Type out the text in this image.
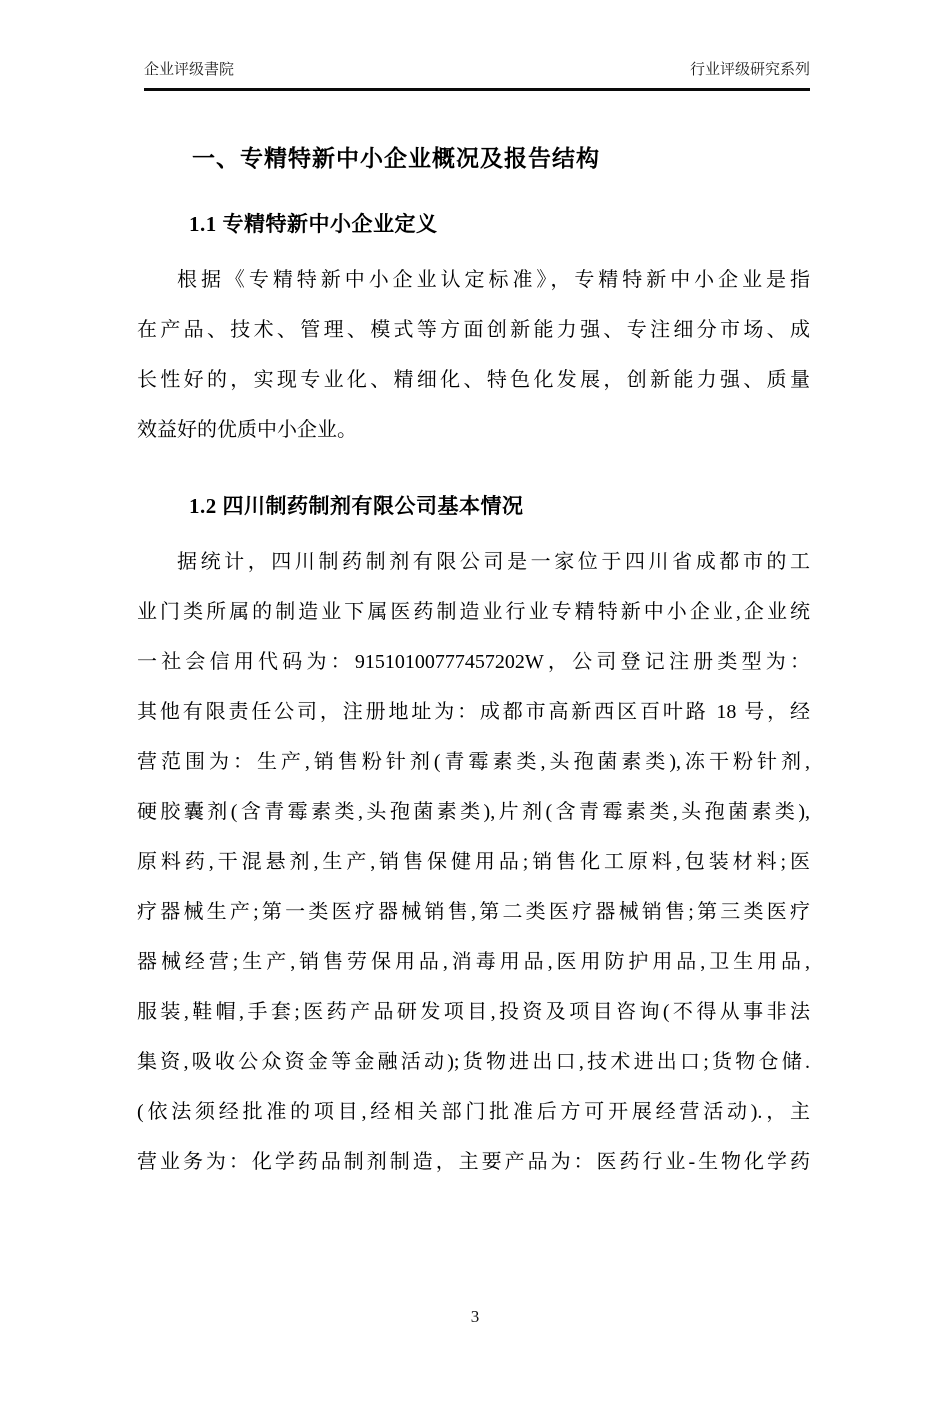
企业评级書院	行业评级研究系列
一、专精特新中小企业概况及报告结构
1.1 专精特新中小企业定义
根据《专精特新中小企业认定标准》，专精特新中小企业是指
在产品、技术、管理、模式等方面创新能力强、专注细分市场、成
长性好的，实现专业化、精细化、特色化发展，创新能力强、质量
效益好的优质中小企业。
1.2 四川制药制剂有限公司基本情况
据统计，四川制药制剂有限公司是一家位于四川省成都市的工
业门类所属的制造业下属医药制造业行业专精特新中小企业,企业统
一社会信用代码为：91510100777457202W，公司登记注册类型为：
其他有限责任公司，注册地址为：成都市高新西区百叶路 18 号，经
营范围为：生产,销售粉针剂(青霉素类,头孢菌素类),冻干粉针剂,
硬胶囊剂(含青霉素类,头孢菌素类),片剂(含青霉素类,头孢菌素类),
原料药,干混悬剂,生产,销售保健用品;销售化工原料,包装材料;医
疗器械生产;第一类医疗器械销售,第二类医疗器械销售;第三类医疗
器械经营;生产,销售劳保用品,消毒用品,医用防护用品,卫生用品,
服装,鞋帽,手套;医药产品研发项目,投资及项目咨询(不得从事非法
集资,吸收公众资金等金融活动);货物进出口,技术进出口;货物仓储.
(依法须经批准的项目,经相关部门批准后方可开展经营活动).，主
营业务为：化学药品制剂制造，主要产品为：医药行业-生物化学药
3
